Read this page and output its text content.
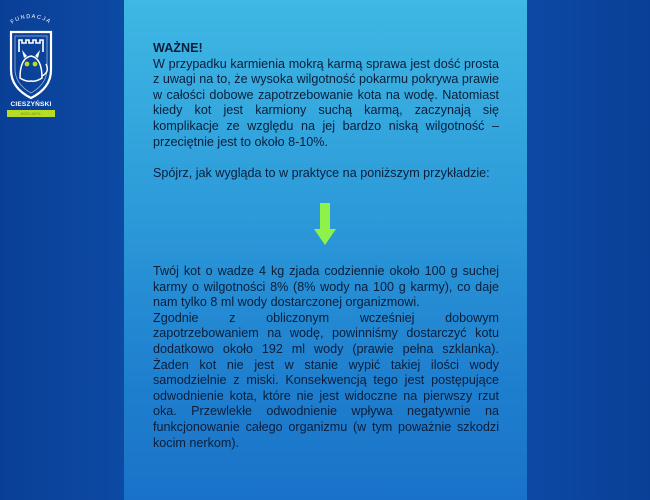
FUNDACJA
CIESZYŃSKI
KOCI AZYL

WAŻNE!

W przypadku karmienia mokrą karmą sprawa jest dość prosta z uwagi na to, że wysoka wilgotność pokarmu pokrywa prawie w całości dobowe zapotrzebowanie kota na wodę. Natomiast kiedy kot jest karmiony suchą karmą, zaczynają się komplikacje ze względu na jej bardzo niską wilgotność – przeciętnie jest to około 8-10%.

Spójrz, jak wygląda to w praktyce na poniższym przykładzie:

Twój kot o wadze 4 kg zjada codziennie około 100 g suchej karmy o wilgotności 8% (8% wody na 100 g karmy), co daje nam tylko 8 ml wody dostarczonej organizmowi.

Zgodnie z obliczonym wcześniej dobowym zapotrzebowaniem na wodę, powinniśmy dostarczyć kotu dodatkowo około 192 ml wody (prawie pełna szklanka). Żaden kot nie jest w stanie wypić takiej ilości wody samodzielnie z miski. Konsekwencją tego jest postępujące odwodnienie kota, które nie jest widoczne na pierwszy rzut oka. Przewlekłe odwodnienie wpływa negatywnie na funkcjonowanie całego organizmu (w tym poważnie szkodzi kocim nerkom).
